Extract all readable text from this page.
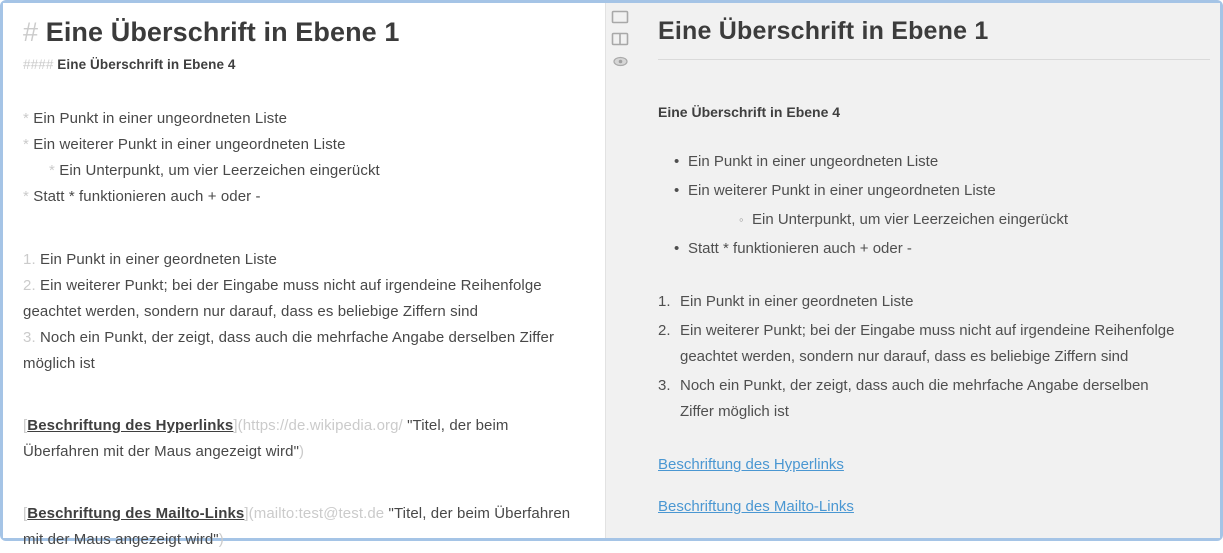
# Eine Überschrift in Ebene 1
#### Eine Überschrift in Ebene 4
* Ein Punkt in einer ungeordneten Liste
* Ein weiterer Punkt in einer ungeordneten Liste
* Ein Unterpunkt, um vier Leerzeichen eingerückt
* Statt * funktionieren auch + oder -
1. Ein Punkt in einer geordneten Liste
2. Ein weiterer Punkt; bei der Eingabe muss nicht auf irgendeine Reihenfolge
geachtet werden, sondern nur darauf, dass es beliebige Ziffern sind
3. Noch ein Punkt, der zeigt, dass auch die mehrfache Angabe derselben Ziffer
möglich ist
[Beschriftung des Hyperlinks](https://de.wikipedia.org/ "Titel, der beim
Überfahren mit der Maus angezeigt wird")
[Beschriftung des Mailto-Links](mailto:test@test.de "Titel, der beim Überfahren
mit der Maus angezeigt wird")
Eine Überschrift in Ebene 1
Eine Überschrift in Ebene 4
• Ein Punkt in einer ungeordneten Liste
• Ein weiterer Punkt in einer ungeordneten Liste
◦ Ein Unterpunkt, um vier Leerzeichen eingerückt
• Statt * funktionieren auch + oder -
1. Ein Punkt in einer geordneten Liste
2. Ein weiterer Punkt; bei der Eingabe muss nicht auf irgendeine Reihenfolge
geachtet werden, sondern nur darauf, dass es beliebige Ziffern sind
3. Noch ein Punkt, der zeigt, dass auch die mehrfache Angabe derselben
Ziffer möglich ist
Beschriftung des Hyperlinks
Beschriftung des Mailto-Links
